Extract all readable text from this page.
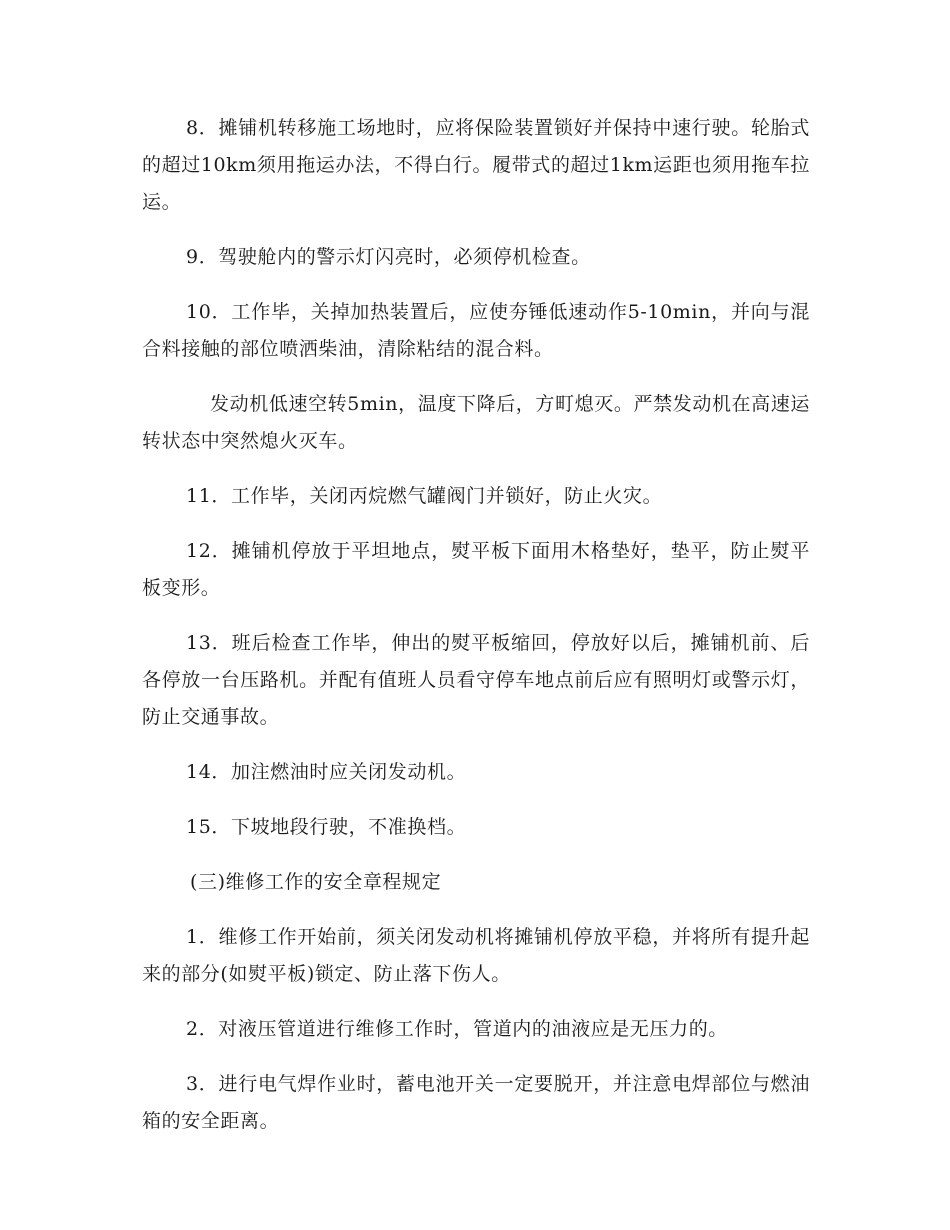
8．摊铺机转移施工场地时，应将保险装置锁好并保持中速行驶。轮胎式的超过10km须用拖运办法，不得白行。履带式的超过1km运距也须用拖车拉运。

9．驾驶舱内的警示灯闪亮时，必须停机检查。

10．工作毕，关掉加热装置后，应使夯锤低速动作5-10min，并向与混合料接触的部位喷洒柴油，清除粘结的混合料。

发动机低速空转5min，温度下降后，方町熄灭。严禁发动机在高速运转状态中突然熄火灭车。

11．工作毕，关闭丙烷燃气罐阀门并锁好，防止火灾。

12．摊铺机停放于平坦地点，熨平板下面用木格垫好，垫平，防止熨平板变形。

13．班后检查工作毕，伸出的熨平板缩回，停放好以后，摊铺机前、后各停放一台压路机。并配有值班人员看守停车地点前后应有照明灯或警示灯，防止交通事故。

14．加注燃油时应关闭发动机。

15．下坡地段行驶，不准换档。

(三)维修工作的安全章程规定

1．维修工作开始前，须关闭发动机将摊铺机停放平稳，并将所有提升起来的部分(如熨平板)锁定、防止落下伤人。

2．对液压管道进行维修工作时，管道内的油液应是无压力的。

3．进行电气焊作业时，蓄电池开关一定要脱开，并注意电焊部位与燃油箱的安全距离。
